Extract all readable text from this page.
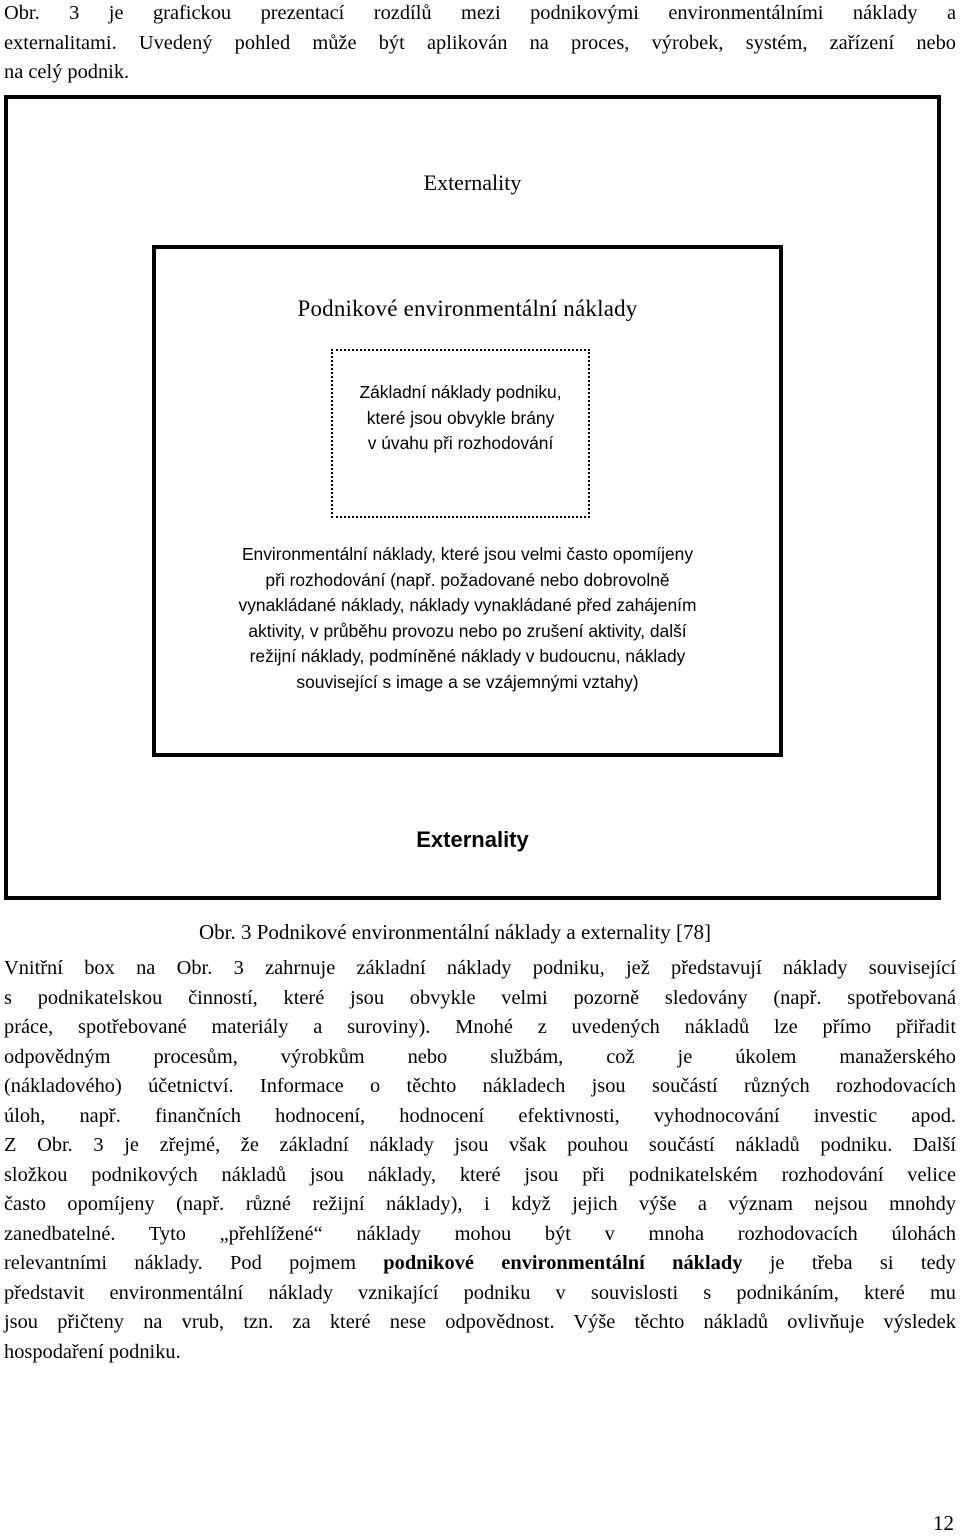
Obr. 3 je grafickou prezentací rozdílů mezi podnikovými environmentálními náklady a
externalitami. Uvedený pohled může být aplikován na proces, výrobek, systém, zařízení nebo
na celý podnik.

Externality
Podnikové environmentální náklady
Základní náklady podniku,
které jsou obvykle brány
v úvahu při rozhodování
Environmentální náklady, které jsou velmi často opomíjeny
při rozhodování (např. požadované nebo dobrovolně
vynakládané náklady, náklady vynakládané před zahájením
aktivity, v průběhu provozu nebo po zrušení aktivity, další
režijní náklady, podmíněné náklady v budoucnu, náklady
související s image a se vzájemnými vztahy)
Externality
Obr. 3 Podnikové environmentální náklady a externality [78]

Vnitřní box na Obr. 3 zahrnuje základní náklady podniku, jež představují náklady související
s podnikatelskou činností, které jsou obvykle velmi pozorně sledovány (např. spotřebovaná
práce, spotřebované materiály a suroviny). Mnohé z uvedených nákladů lze přímo přiřadit
odpovědným procesům, výrobkům nebo službám, což je úkolem manažerského
(nákladového) účetnictví. Informace o těchto nákladech jsou součástí různých rozhodovacích
úloh, např. finančních hodnocení, hodnocení efektivnosti, vyhodnocování investic apod.
Z Obr. 3 je zřejmé, že základní náklady jsou však pouhou součástí nákladů podniku. Další
složkou podnikových nákladů jsou náklady, které jsou při podnikatelském rozhodování velice
často opomíjeny (např. různé režijní náklady), i když jejich výše a význam nejsou mnohdy
zanedbatelné. Tyto „přehlížené“ náklady mohou být v mnoha rozhodovacích úlohách
relevantními náklady. Pod pojmem podnikové environmentální náklady je třeba si tedy
představit environmentální náklady vznikající podniku v souvislosti s podnikáním, které mu
jsou přičteny na vrub, tzn. za které nese odpovědnost. Výše těchto nákladů ovlivňuje výsledek
hospodaření podniku.

12
